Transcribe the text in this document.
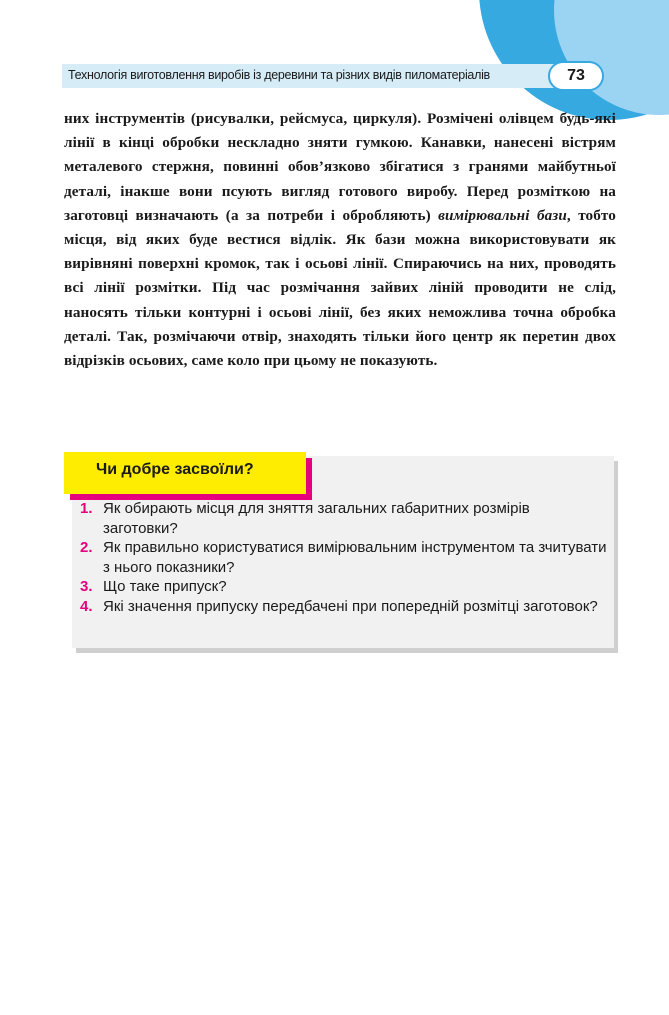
Технологія виготовлення виробів із деревини та різних видів пиломатеріалів	73

них інструментів (рисувалки, рейсмуса, циркуля). Розмічені олівцем будь-які лінії в кінці обробки нескладно зняти гумкою. Канавки, нанесені вістрям металевого стержня, повинні обов’язково збігатися з гранями майбутньої деталі, інакше вони псують вигляд готового виробу. Перед розміткою на заготовці визначають (а за потреби і обробляють) вимірювальні бази, тобто місця, від яких буде вестися відлік. Як бази можна використовувати як вирівняні поверхні кромок, так і осьові лінії. Спираючись на них, проводять всі лінії розмітки. Під час розмічання зайвих ліній проводити не слід, наносять тільки контурні і осьові лінії, без яких неможлива точна обробка деталі. Так, розмічаючи отвір, знаходять тільки його центр як перетин двох відрізків осьових, саме коло при цьому не показують.

Чи добре засвоїли?
1. Як обирають місця для зняття загальних габаритних розмірів заготовки?
2. Як правильно користуватися вимірювальним інструментом та зчитувати з нього показники?
3. Що таке припуск?
4. Які значення припуску передбачені при попередній розмітці заготовок?
